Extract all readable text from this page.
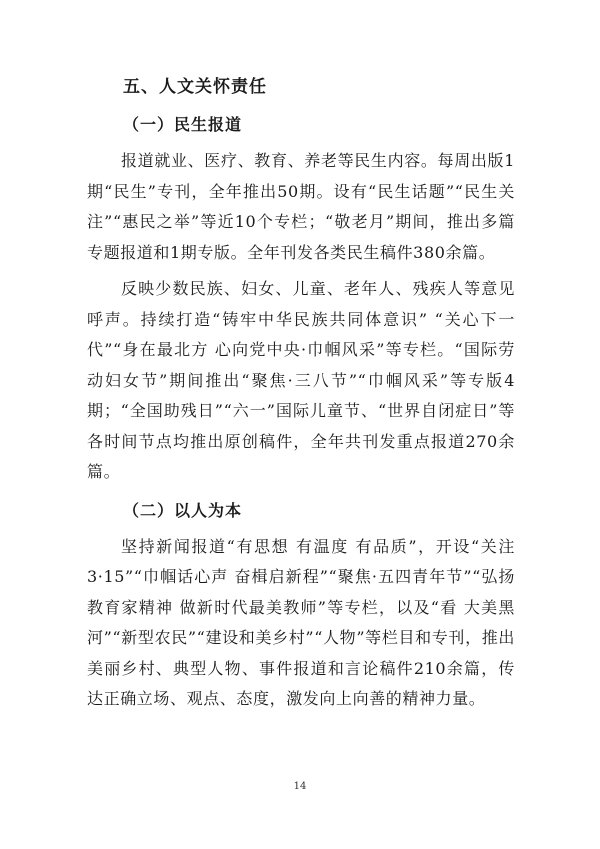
五、人文关怀责任
（一）民生报道

报道就业、医疗、教育、养老等民生内容。每周出版1期“民生”专刊，全年推出50期。设有“民生话题”“民生关注”“惠民之举”等近10个专栏；“敬老月”期间，推出多篇专题报道和1期专版。全年刊发各类民生稿件380余篇。

反映少数民族、妇女、儿童、老年人、残疾人等意见呼声。持续打造“铸牢中华民族共同体意识” “关心下一代”“身在最北方 心向党中央·巾帼风采”等专栏。“国际劳动妇女节”期间推出“聚焦·三八节”“巾帼风采”等专版4期；“全国助残日”“六一”国际儿童节、“世界自闭症日”等各时间节点均推出原创稿件，全年共刊发重点报道270余篇。

（二）以人为本

坚持新闻报道“有思想 有温度 有品质”，开设“关注3·15”“巾帼话心声 奋楫启新程”“聚焦·五四青年节”“弘扬教育家精神 做新时代最美教师”等专栏，以及“看 大美黑河”“新型农民”“建设和美乡村”“人物”等栏目和专刊，推出美丽乡村、典型人物、事件报道和言论稿件210余篇，传达正确立场、观点、态度，激发向上向善的精神力量。

14
